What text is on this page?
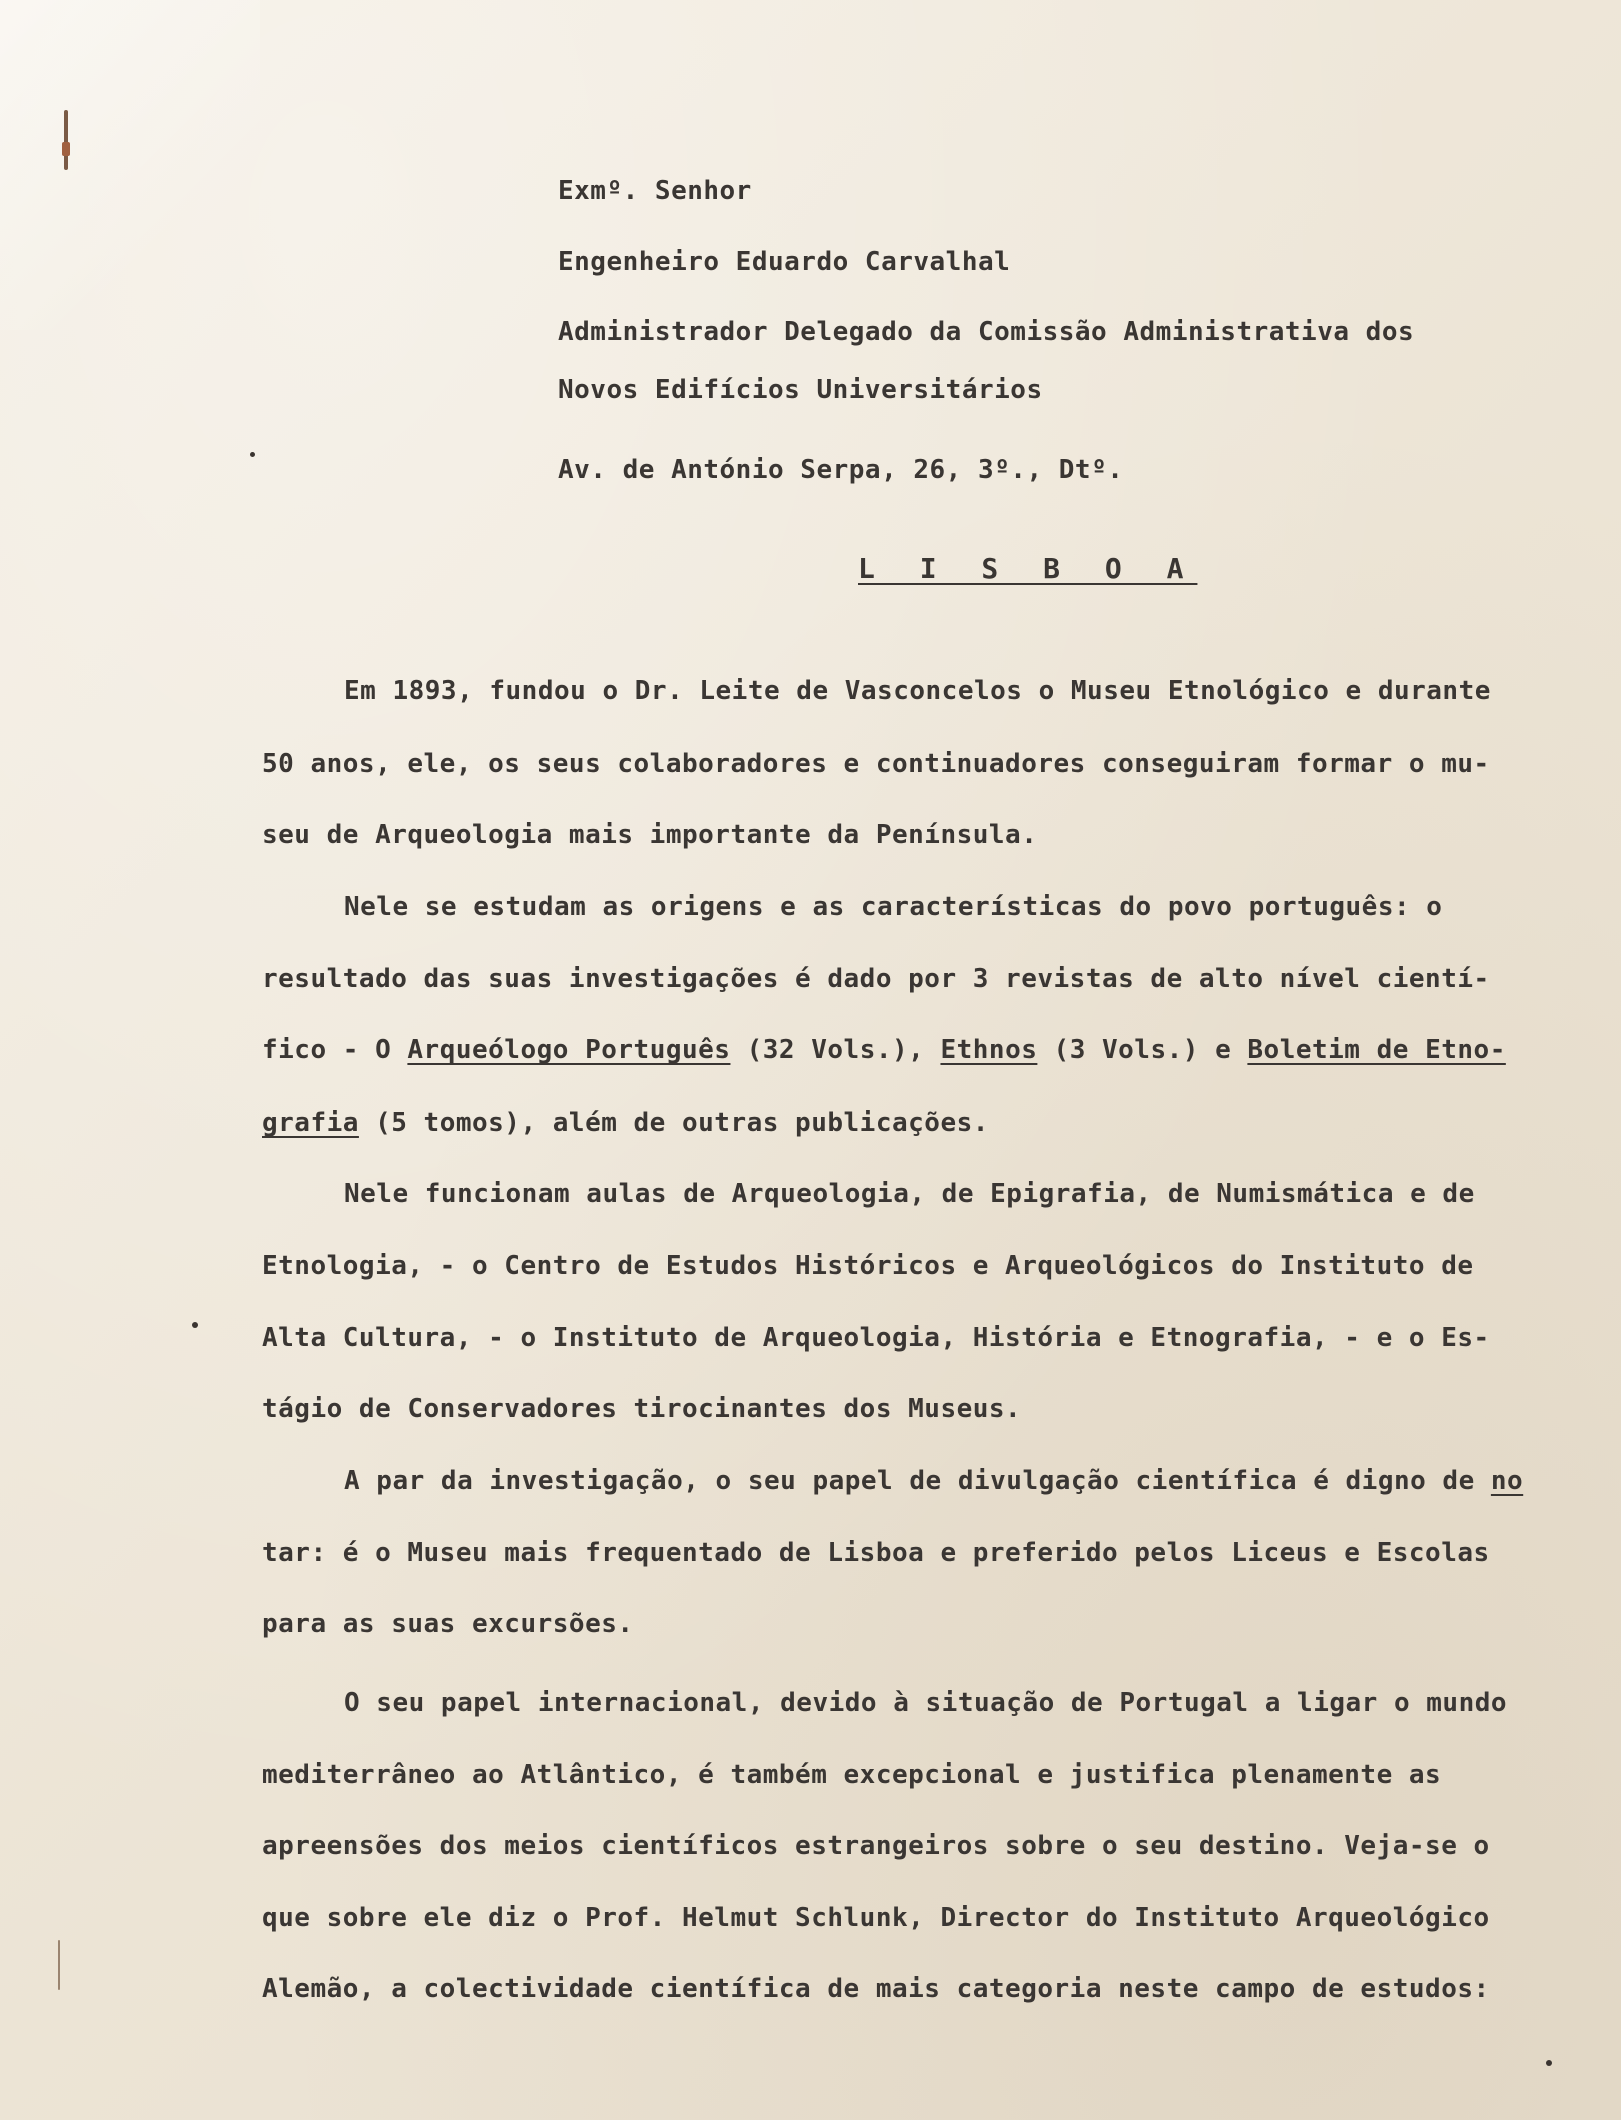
Exmº. Senhor
Engenheiro Eduardo Carvalhal
Administrador Delegado da Comissão Administrativa dos
Novos Edifícios Universitários
Av. de António Serpa, 26, 3º., Dtº.
L I S B O A
Em 1893, fundou o Dr. Leite de Vasconcelos o Museu Etnológico e durante
50 anos, ele, os seus colaboradores e continuadores conseguiram formar o mu-
seu de Arqueologia mais importante da Península.
Nele se estudam as origens e as características do povo português: o
resultado das suas investigações é dado por 3 revistas de alto nível cientí-
fico - O Arqueólogo Português (32 Vols.), Ethnos (3 Vols.) e Boletim de Etno-
grafia (5 tomos), além de outras publicações.
Nele funcionam aulas de Arqueologia, de Epigrafia, de Numismática e de
Etnologia, - o Centro de Estudos Históricos e Arqueológicos do Instituto de
Alta Cultura, - o Instituto de Arqueologia, História e Etnografia, - e o Es-
tágio de Conservadores tirocinantes dos Museus.
A par da investigação, o seu papel de divulgação científica é digno de no
tar: é o Museu mais frequentado de Lisboa e preferido pelos Liceus e Escolas
para as suas excursões.
O seu papel internacional, devido à situação de Portugal a ligar o mundo
mediterrâneo ao Atlântico, é também excepcional e justifica plenamente as
apreensões dos meios científicos estrangeiros sobre o seu destino. Veja-se o
que sobre ele diz o Prof. Helmut Schlunk, Director do Instituto Arqueológico
Alemão, a colectividade científica de mais categoria neste campo de estudos:
